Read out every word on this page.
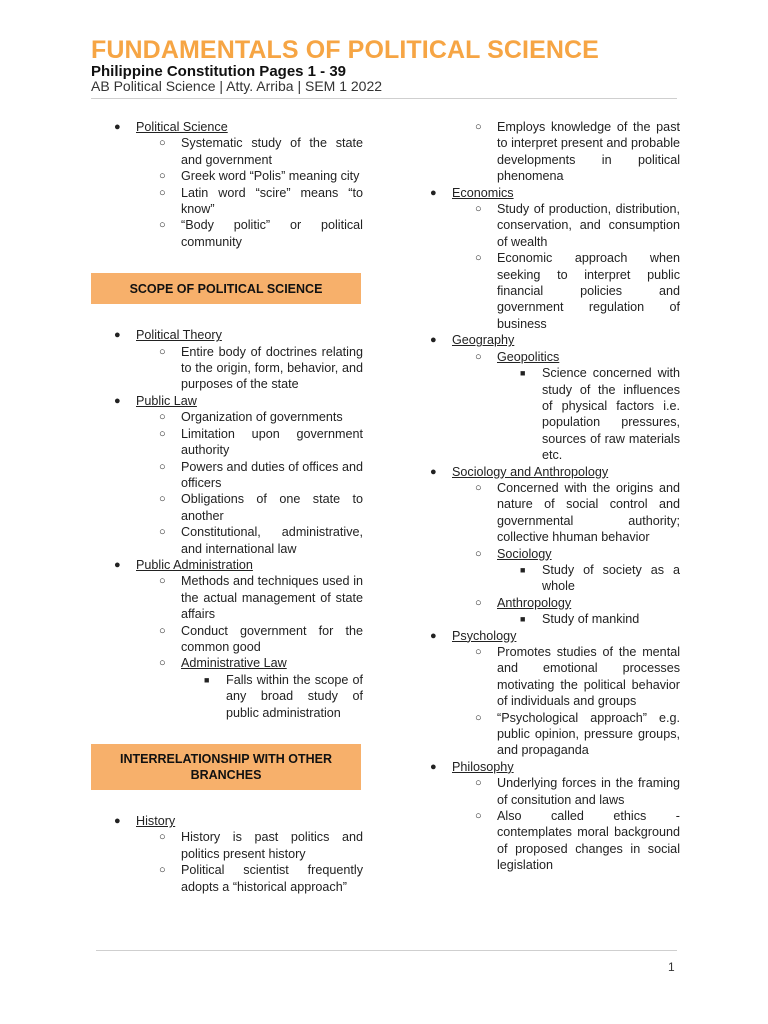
FUNDAMENTALS OF POLITICAL SCIENCE
Philippine Constitution Pages 1 - 39
AB Political Science | Atty. Arriba | SEM 1 2022
● Political Science
○ Systematic study of the state and government
○ Greek word “Polis” meaning city
○ Latin word “scire” means “to know”
○ “Body politic” or political community
SCOPE OF POLITICAL SCIENCE
● Political Theory
○ Entire body of doctrines relating to the origin, form, behavior, and purposes of the state
● Public Law
○ Organization of governments
○ Limitation upon government authority
○ Powers and duties of offices and officers
○ Obligations of one state to another
○ Constitutional, administrative, and international law
● Public Administration
○ Methods and techniques used in the actual management of state affairs
○ Conduct government for the common good
○ Administrative Law
■ Falls within the scope of any broad study of public administration
INTERRELATIONSHIP WITH OTHER BRANCHES
● History
○ History is past politics and politics present history
○ Political scientist frequently adopts a “historical approach”
○ Employs knowledge of the past to interpret present and probable developments in political phenomena
● Economics
○ Study of production, distribution, conservation, and consumption of wealth
○ Economic approach when seeking to interpret public financial policies and government regulation of business
● Geography
○ Geopolitics
■ Science concerned with study of the influences of physical factors i.e. population pressures, sources of raw materials etc.
● Sociology and Anthropology
○ Concerned with the origins and nature of social control and governmental authority; collective hhuman behavior
○ Sociology
■ Study of society as a whole
○ Anthropology
■ Study of mankind
● Psychology
○ Promotes studies of the mental and emotional processes motivating the political behavior of individuals and groups
○ “Psychological approach” e.g. public opinion, pressure groups, and propaganda
● Philosophy
○ Underlying forces in the framing of consitution and laws
○ Also called ethics - contemplates moral background of proposed changes in social legislation
1
